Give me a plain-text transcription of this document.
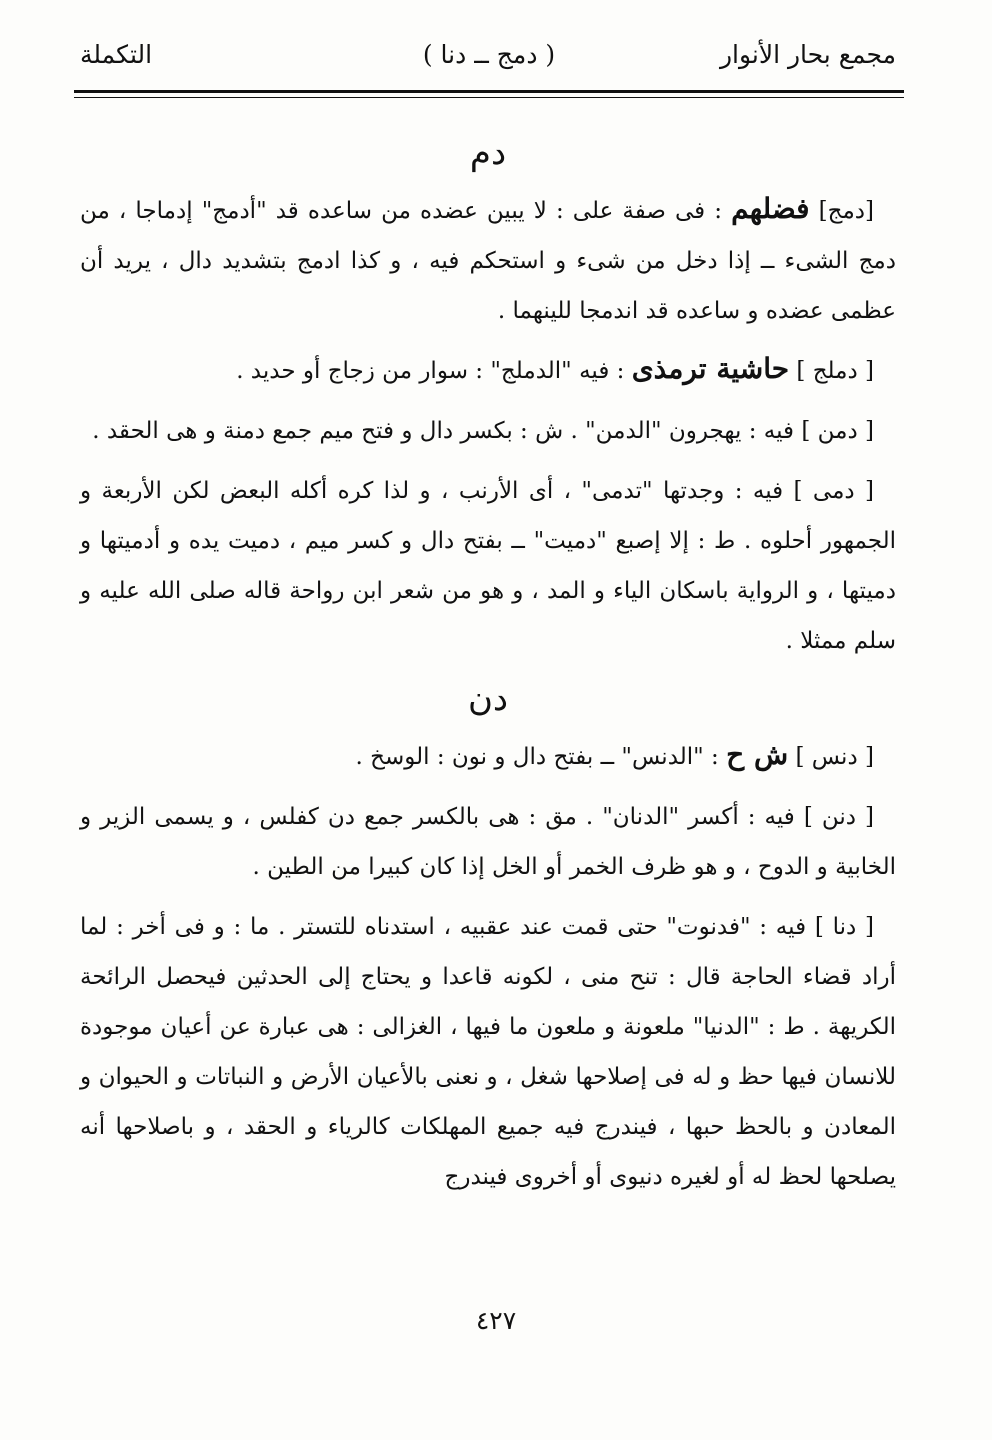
مجمع بحار الأنوار
( دمج ــ دنا )
التكملة
دم

[دمج] فضلهم : فى صفة على : لا يبين عضده من ساعده قد "أدمج" إدماجا ، من دمج الشىء ــ إذا دخل من شىء و استحكم فيه ، و كذا ادمج بتشديد دال ، يريد أن عظمى عضده و ساعده قد اندمجا للينهما .

[ دملج ] حاشية ترمذى : فيه "الدملج" : سوار من زجاج أو حديد .

[ دمن ] فيه : يهجرون "الدمن" . ش : بكسر دال و فتح ميم جمع دمنة و هى الحقد .

[ دمى ] فيه : وجدتها "تدمى" ، أى الأرنب ، و لذا كره أكله البعض لكن الأربعة و الجمهور أحلوه . ط : إلا إصبع "دميت" ــ بفتح دال و كسر ميم ، دميت يده و أدميتها و دميتها ، و الرواية باسكان الياء و المد ، و هو من شعر ابن رواحة قاله صلى الله عليه و سلم ممثلا .

دن

[ دنس ] ش ح : "الدنس" ــ بفتح دال و نون : الوسخ .

[ دنن ] فيه : أكسر "الدنان" . مق : هى بالكسر جمع دن كفلس ، و يسمى الزير و الخابية و الدوح ، و هو ظرف الخمر أو الخل إذا كان كبيرا من الطين .

[ دنا ] فيه : "فدنوت" حتى قمت عند عقبيه ، استدناه للتستر . ما : و فى أخر : لما أراد قضاء الحاجة قال : تنح منى ، لكونه قاعدا و يحتاج إلى الحدثين فيحصل الرائحة الكريهة . ط : "الدنيا" ملعونة و ملعون ما فيها ، الغزالى : هى عبارة عن أعيان موجودة للانسان فيها حظ و له فى إصلاحها شغل ، و نعنى بالأعيان الأرض و النباتات و الحيوان و المعادن و بالحظ حبها ، فيندرج فيه جميع المهلكات كالرياء و الحقد ، و باصلاحها أنه يصلحها لحظ له أو لغيره دنيوى أو أخروى فيندرج

٤٢٧
